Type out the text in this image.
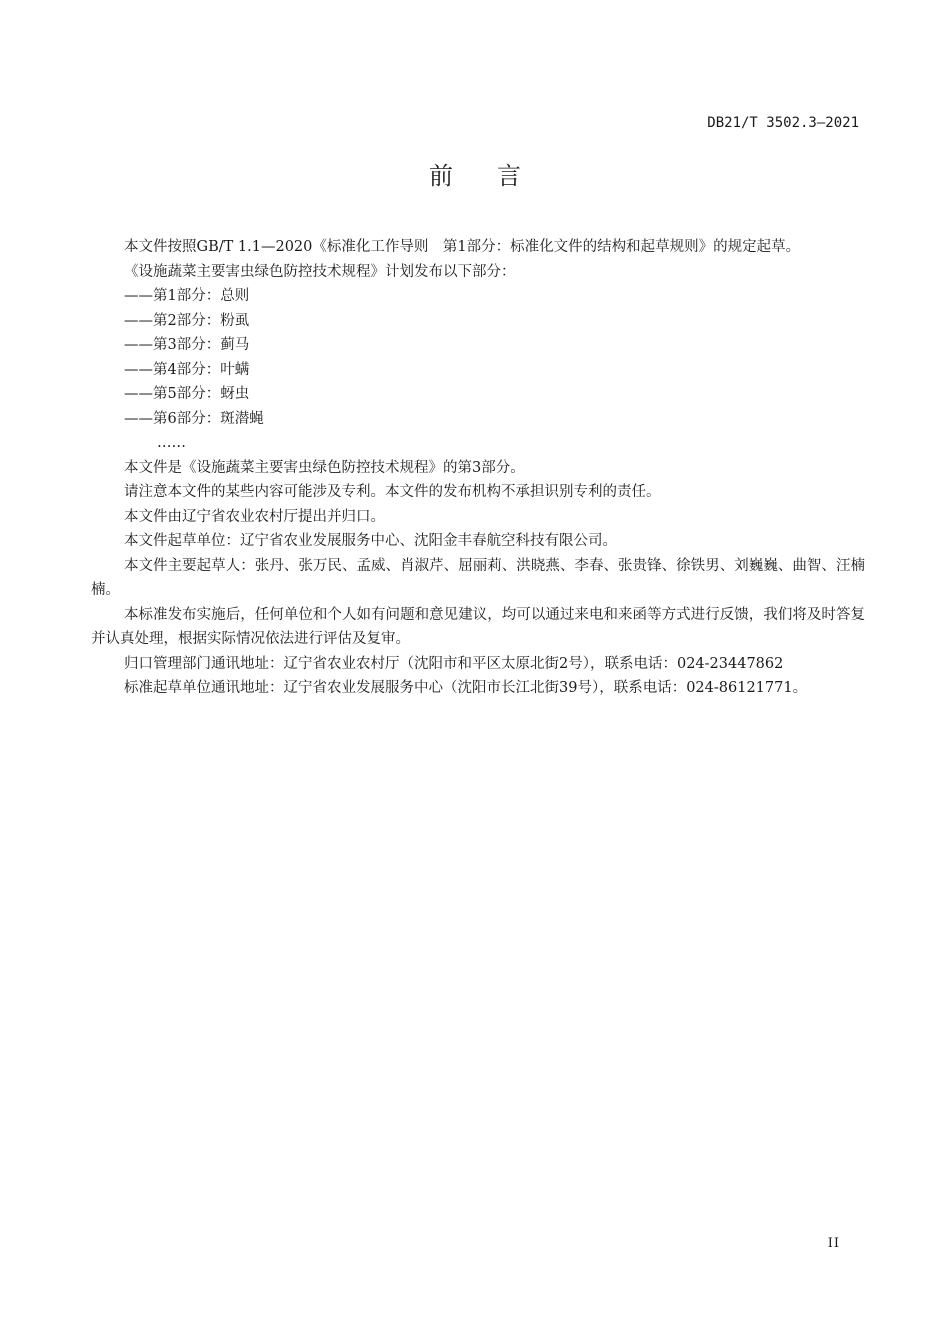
DB21/T 3502.3—2021
前言

本文件按照GB/T 1.1—2020《标准化工作导则　第1部分：标准化文件的结构和起草规则》的规定起草。

《设施蔬菜主要害虫绿色防控技术规程》计划发布以下部分：

——第1部分：总则

——第2部分：粉虱

——第3部分：蓟马

——第4部分：叶螨

——第5部分：蚜虫

——第6部分：斑潜蝇

……

本文件是《设施蔬菜主要害虫绿色防控技术规程》的第3部分。

请注意本文件的某些内容可能涉及专利。本文件的发布机构不承担识别专利的责任。

本文件由辽宁省农业农村厅提出并归口。

本文件起草单位：辽宁省农业发展服务中心、沈阳金丰春航空科技有限公司。

本文件主要起草人：张丹、张万民、孟威、肖淑芹、屈丽莉、洪晓燕、李春、张贵锋、徐铁男、刘巍巍、曲智、汪楠楠。

本标准发布实施后，任何单位和个人如有问题和意见建议，均可以通过来电和来函等方式进行反馈，我们将及时答复并认真处理，根据实际情况依法进行评估及复审。

归口管理部门通讯地址：辽宁省农业农村厅（沈阳市和平区太原北街2号），联系电话：024-23447862

标准起草单位通讯地址：辽宁省农业发展服务中心（沈阳市长江北街39号），联系电话：024-86121771。

II
